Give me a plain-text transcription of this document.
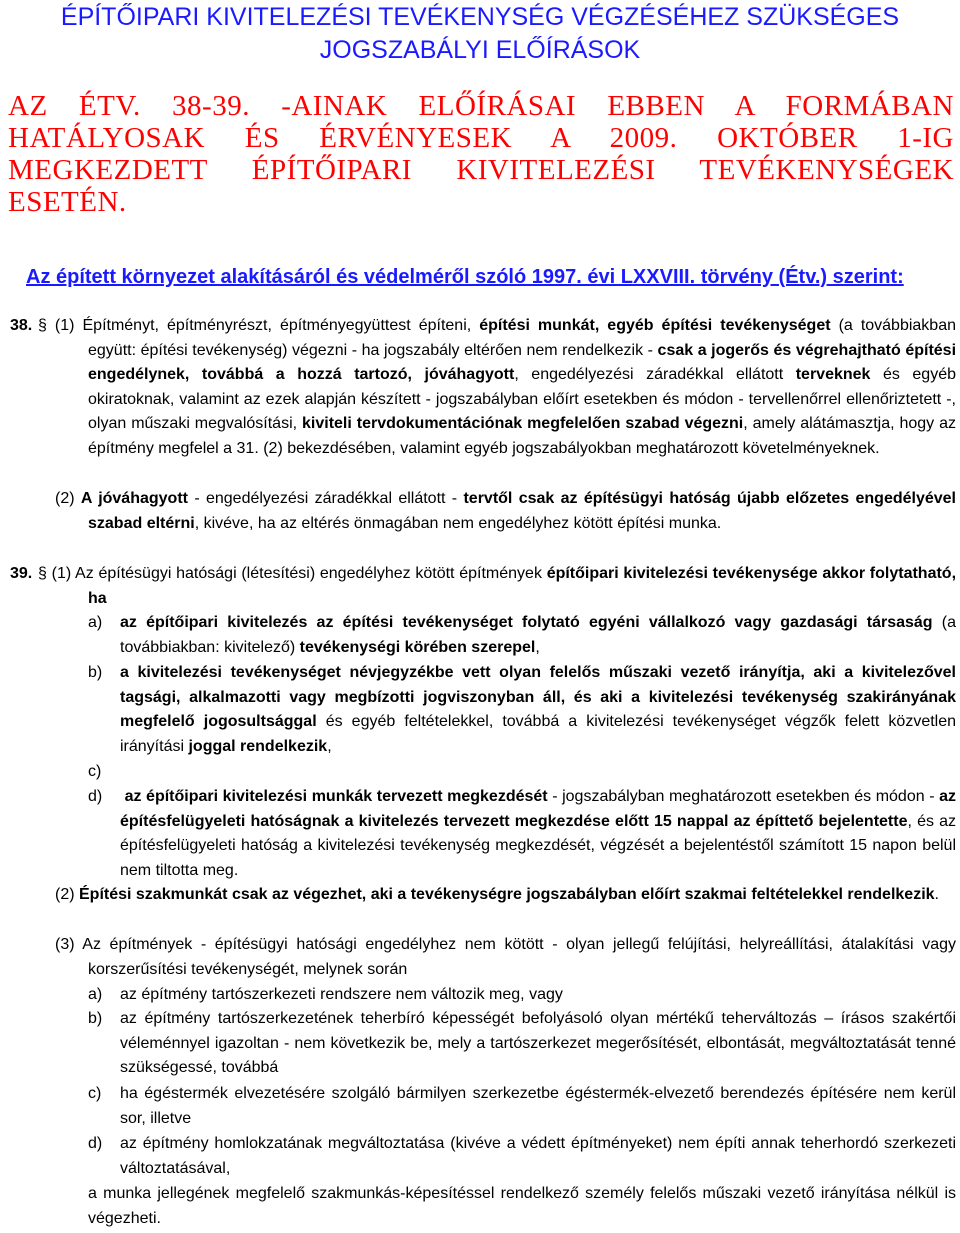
ÉPÍTŐIPARI KIVITELEZÉSI TEVÉKENYSÉG VÉGZÉSÉHEZ SZÜKSÉGES
JOGSZABÁLYI ELŐÍRÁSOK
AZ ÉTV. 38-39. -AINAK ELŐÍRÁSAI EBBEN A FORMÁBAN
HATÁLYOSAK ÉS ÉRVÉNYESEK A 2009. OKTÓBER 1-IG
MEGKEZDETT ÉPÍTŐIPARI KIVITELEZÉSI TEVÉKENYSÉGEK
ESETÉN.
Az épített környezet alakításáról és védelméről szóló 1997. évi LXXVIII. törvény (Étv.) szerint:
38. § (1) Építményt, építményrészt, építményegyüttest építeni, építési munkát, egyéb építési tevékenységet (a továbbiakban együtt: építési tevékenység) végezni - ha jogszabály eltérően nem rendelkezik - csak a jogerős és végrehajtható építési engedélynek, továbbá a hozzá tartozó, jóváhagyott, engedélyezési záradékkal ellátott terveknek és egyéb okiratoknak, valamint az ezek alapján készített - jogszabályban előírt esetekben és módon - tervellenőrrel ellenőriztetett -, olyan műszaki megvalósítási, kiviteli tervdokumentációnak megfelelően szabad végezni, amely alátámasztja, hogy az építmény megfelel a 31. (2) bekezdésében, valamint egyéb jogszabályokban meghatározott követelményeknek.
(2) A jóváhagyott - engedélyezési záradékkal ellátott - tervtől csak az építésügyi hatóság újabb előzetes engedélyével szabad eltérni, kivéve, ha az eltérés önmagában nem engedélyhez kötött építési munka.
39. § (1) Az építésügyi hatósági (létesítési) engedélyhez kötött építmények építőipari kivitelezési tevékenysége akkor folytatható, ha
a) az építőipari kivitelezés az építési tevékenységet folytató egyéni vállalkozó vagy gazdasági társaság (a továbbiakban: kivitelező) tevékenységi körében szerepel,
b) a kivitelezési tevékenységet névjegyzékbe vett olyan felelős műszaki vezető irányítja, aki a kivitelezővel tagsági, alkalmazotti vagy megbízotti jogviszonyban áll, és aki a kivitelezési tevékenység szakirányának megfelelő jogosultsággal és egyéb feltételekkel, továbbá a kivitelezési tevékenységet végzők felett közvetlen irányítási joggal rendelkezik,
c)
d) az építőipari kivitelezési munkák tervezett megkezdését - jogszabályban meghatározott esetekben és módon - az építésfelügyeleti hatóságnak a kivitelezés tervezett megkezdése előtt 15 nappal az építtető bejelentette, és az építésfelügyeleti hatóság a kivitelezési tevékenység megkezdését, végzését a bejelentéstől számított 15 napon belül nem tiltotta meg.
(2) Építési szakmunkát csak az végezhet, aki a tevékenységre jogszabályban előírt szakmai feltételekkel rendelkezik.
(3) Az építmények - építésügyi hatósági engedélyhez nem kötött - olyan jellegű felújítási, helyreállítási, átalakítási vagy korszerűsítési tevékenységét, melynek során
a) az építmény tartószerkezeti rendszere nem változik meg, vagy
b) az építmény tartószerkezetének teherbíró képességét befolyásoló olyan mértékű teherváltozás – írásos szakértői véleménnyel igazoltan - nem következik be, mely a tartószerkezet megerősítését, elbontását, megváltoztatását tenné szükségessé, továbbá
c) ha égéstermék elvezetésére szolgáló bármilyen szerkezetbe égéstermék-elvezető berendezés építésére nem kerül sor, illetve
d) az építmény homlokzatának megváltoztatása (kivéve a védett építményeket) nem építi annak teherhordó szerkezeti változtatásával,
a munka jellegének megfelelő szakmunkás-képesítéssel rendelkező személy felelős műszaki vezető irányítása nélkül is végezheti.
